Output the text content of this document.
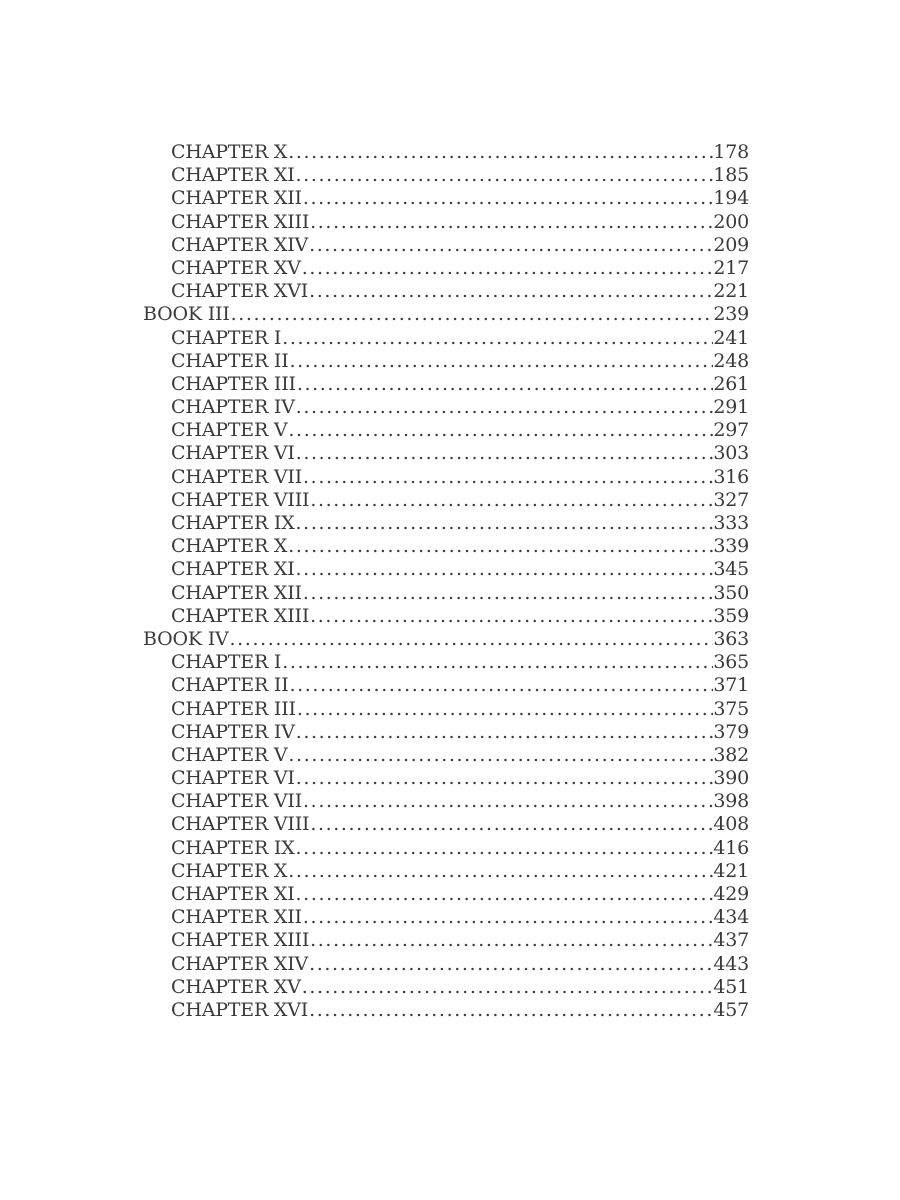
CHAPTER X .....	178
CHAPTER XI .....	185
CHAPTER XII .....	194
CHAPTER XIII .....	200
CHAPTER XIV .....	209
CHAPTER XV .....	217
CHAPTER XVI .....	221
BOOK III .....	239
CHAPTER I .....	241
CHAPTER II .....	248
CHAPTER III .....	261
CHAPTER IV .....	291
CHAPTER V .....	297
CHAPTER VI .....	303
CHAPTER VII .....	316
CHAPTER VIII .....	327
CHAPTER IX .....	333
CHAPTER X .....	339
CHAPTER XI .....	345
CHAPTER XII .....	350
CHAPTER XIII .....	359
BOOK IV .....	363
CHAPTER I .....	365
CHAPTER II .....	371
CHAPTER III .....	375
CHAPTER IV .....	379
CHAPTER V .....	382
CHAPTER VI .....	390
CHAPTER VII .....	398
CHAPTER VIII .....	408
CHAPTER IX .....	416
CHAPTER X .....	421
CHAPTER XI .....	429
CHAPTER XII .....	434
CHAPTER XIII .....	437
CHAPTER XIV .....	443
CHAPTER XV .....	451
CHAPTER XVI .....	457
